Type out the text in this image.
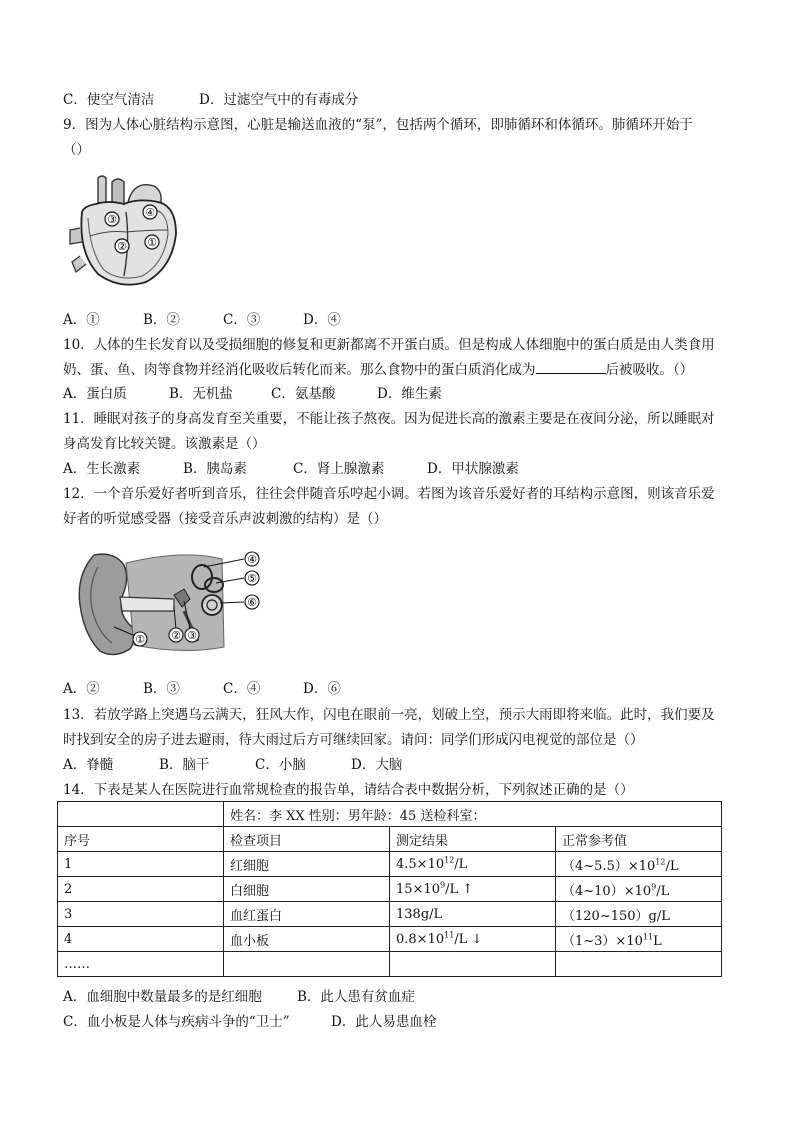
C．使空气清洁	D．过滤空气中的有毒成分
9．图为人体心脏结构示意图，心脏是输送血液的“泵”，包括两个循环，即肺循环和体循环。肺循环开始于
（）
③
④
② ①
A．①	B．②	C．③	D．④
10．人体的生长发育以及受损细胞的修复和更新都离不开蛋白质。但是构成人体细胞中的蛋白质是由人类食用
奶、蛋、鱼、肉等食物并经消化吸收后转化而来。那么食物中的蛋白质消化成为	后被吸收。（）
A．蛋白质	B．无机盐	C．氨基酸	D．维生素
11．睡眠对孩子的身高发育至关重要，不能让孩子熬夜。因为促进长高的激素主要是在夜间分泌，所以睡眠对
身高发育比较关键。该激素是（）
A．生长激素	B．胰岛素	C．肾上腺激素	D．甲状腺激素
12．一个音乐爱好者听到音乐，往往会伴随音乐哼起小调。若图为该音乐爱好者的耳结构示意图，则该音乐爱
好者的听觉感受器（接受音乐声波刺激的结构）是（）
① ② ③
④
⑤
⑥
A．②	B．③	C．④	D．⑥
13．若放学路上突遇乌云满天，狂风大作，闪电在眼前一亮，划破上空，预示大雨即将来临。此时，我们要及
时找到安全的房子进去避雨，待大雨过后方可继续回家。请问：同学们形成闪电视觉的部位是（）
A．脊髓	B．脑干	C．小脑	D．大脑
14．下表是某人在医院进行血常规检查的报告单，请结合表中数据分析，下列叙述正确的是（）
	姓名：李 XX 性别：男年龄：45 送检科室：		
序号	检查项目	测定结果	正常参考值
1	红细胞	$4.5\times 10^{12}/L$	$(4\sim 5.5)\times 10^{12}/L$
2	白细胞	$15\times 10^9/L$ ↑	$(4\sim 10)\times 10^9/L$
3	血红蛋白	138g/L	（120~150）g/L
4	血小板	$0.8\times 10^{11}/L$ ↓	$(1\sim 3)\times 10^{11}L$
……			
A．血细胞中数量最多的是红细胞	B．此人患有贫血症
C．血小板是人体与疾病斗争的“卫士”	D．此人易患血栓
